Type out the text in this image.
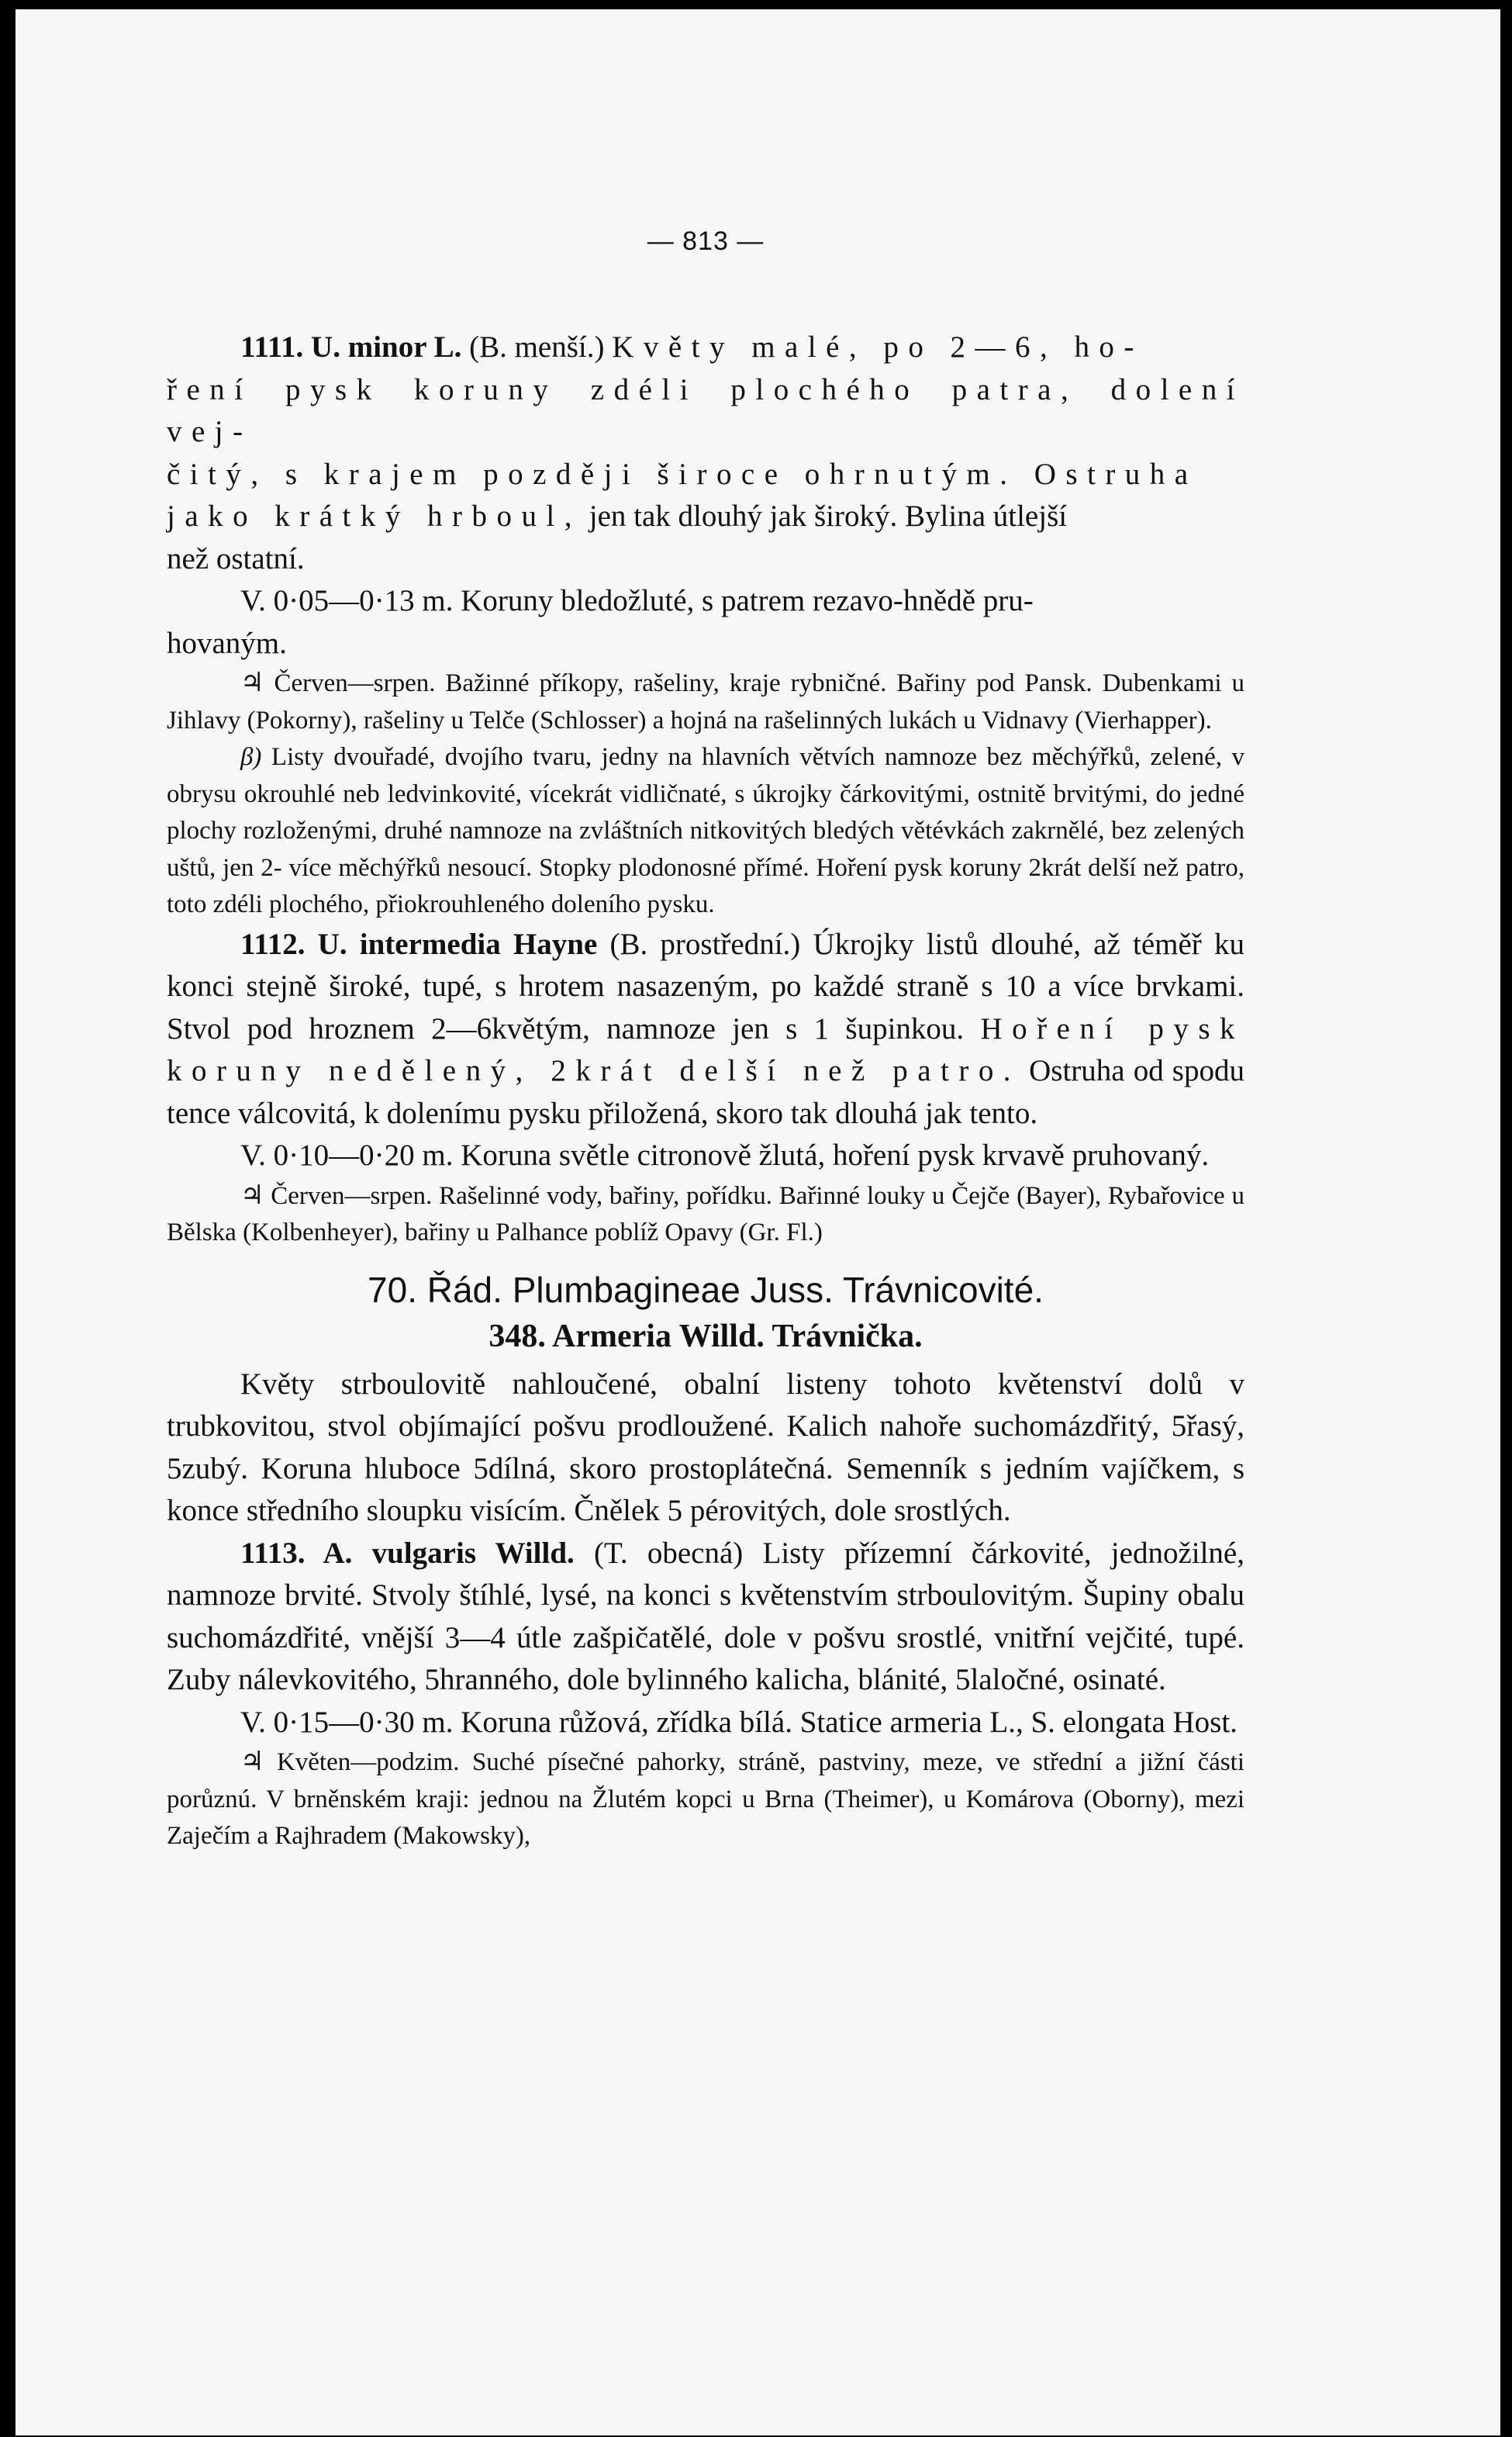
— 813 —

1111. U. minor L. (B. menší.) Květy malé, po 2—6, ho-
ření pysk koruny zdéli plochého patra, dolení vej-
čitý, s krajem později široce ohrnutým. Ostruha
jako krátký hrboul, jen tak dlouhý jak široký. Bylina útlejší
než ostatní.

V. 0·05—0·13 m. Koruny bledožluté, s patrem rezavo-hnědě pru-
hovaným.

♃ Červen—srpen. Bažinné příkopy, rašeliny, kraje rybničné. Bařiny pod Pansk. Dubenkami u Jihlavy (Pokorny), rašeliny u Telče (Schlosser) a hojná na rašelinných lukách u Vidnavy (Vierhapper).

β) Listy dvouřadé, dvojího tvaru, jedny na hlavních větvích namnoze bez měchýřků, zelené, v obrysu okrouhlé neb ledvinkovité, vícekrát vidličnaté, s úkrojky čárkovitými, ostnitě brvitými, do jedné plochy rozloženými, druhé namnoze na zvláštních nitkovitých bledých větévkách zakrnělé, bez zelených uštů, jen 2- více měchýřků nesoucí. Stopky plodonosné přímé. Hoření pysk koruny 2krát delší než patro, toto zdéli plochého, přiokrouhleného doleního pysku.

1112. U. intermedia Hayne (B. prostřední.) Úkrojky listů dlouhé, až téměř ku konci stejně široké, tupé, s hrotem nasazeným, po každé straně s 10 a více brvkami. Stvol pod hroznem 2—6květým, namnoze jen s 1 šupinkou. Hoření pysk koruny nedělený, 2krát delší než patro. Ostruha od spodu tence válcovitá, k dolenímu pysku přiložená, skoro tak dlouhá jak tento.

V. 0·10—0·20 m. Koruna světle citronově žlutá, hoření pysk krvavě pruhovaný.

♃ Červen—srpen. Rašelinné vody, bařiny, pořídku. Bařinné louky u Čejče (Bayer), Rybařovice u Bělska (Kolbenheyer), bařiny u Palhance poblíž Opavy (Gr. Fl.)

70. Řád. Plumbagineae Juss. Trávnicovité.
348. Armeria Willd. Trávnička.

Květy strboulovitě nahloučené, obalní listeny tohoto květenství dolů v trubkovitou, stvol objímající pošvu prodloužené. Kalich nahoře suchomázdřitý, 5řasý, 5zubý. Koruna hluboce 5dílná, skoro prostoplátečná. Semenník s jedním vajíčkem, s konce středního sloupku visícím. Čnělek 5 pérovitých, dole srostlých.

1113. A. vulgaris Willd. (T. obecná) Listy přízemní čárkovité, jednožilné, namnoze brvité. Stvoly štíhlé, lysé, na konci s květenstvím strboulovitým. Šupiny obalu suchomázdřité, vnější 3—4 útle zašpičatělé, dole v pošvu srostlé, vnitřní vejčité, tupé. Zuby nálevkovitého, 5hranného, dole bylinného kalicha, blánité, 5laločné, osinaté.

V. 0·15—0·30 m. Koruna růžová, zřídka bílá. Statice armeria L., S. elongata Host.

♃ Květen—podzim. Suché písečné pahorky, stráně, pastviny, meze, ve střední a jižní části porůznú. V brněnském kraji: jednou na Žlutém kopci u Brna (Theimer), u Komárova (Oborny), mezi Zaječím a Rajhradem (Makowsky),
